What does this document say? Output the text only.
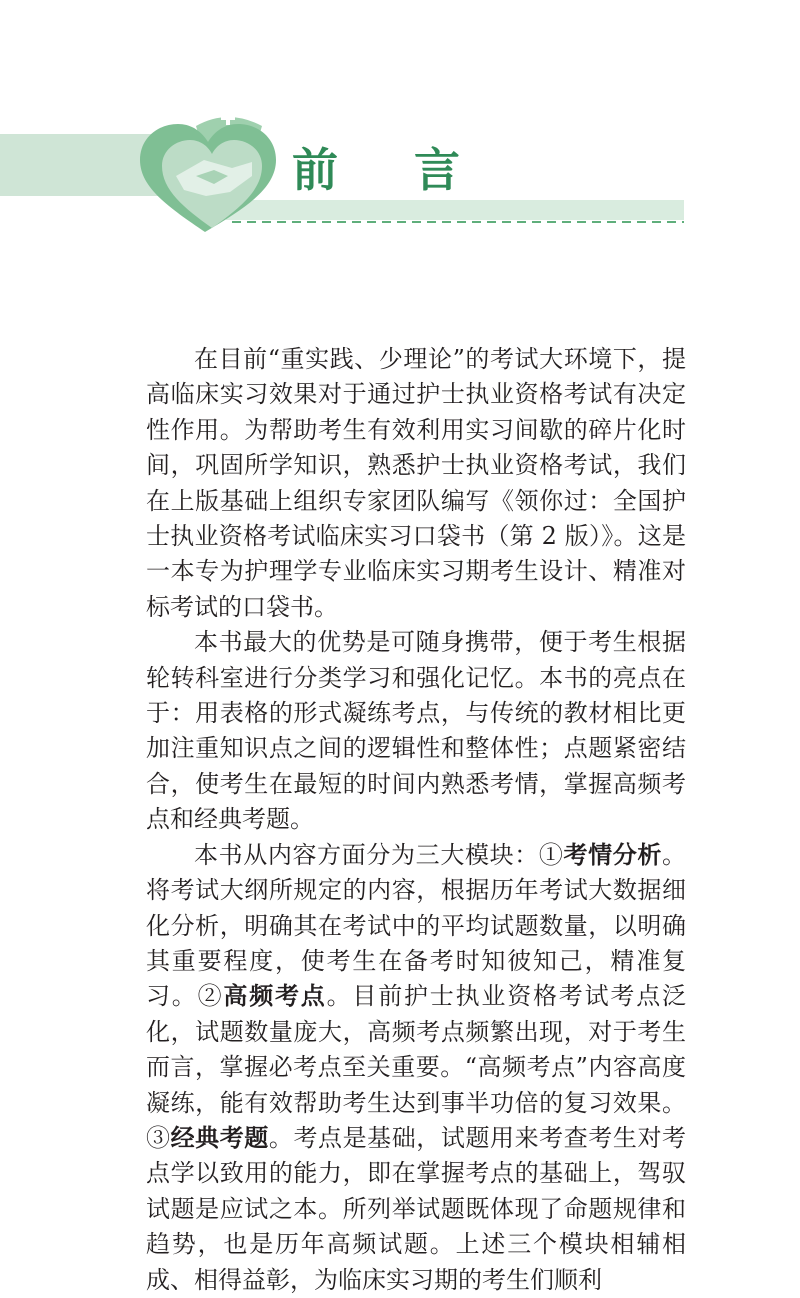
前 言

在目前“重实践、少理论”的考试大环境下，提高临床实习效果对于通过护士执业资格考试有决定性作用。为帮助考生有效利用实习间歇的碎片化时间，巩固所学知识，熟悉护士执业资格考试，我们在上版基础上组织专家团队编写《领你过：全国护士执业资格考试临床实习口袋书（第 2 版）》。这是一本专为护理学专业临床实习期考生设计、精准对标考试的口袋书。

本书最大的优势是可随身携带，便于考生根据轮转科室进行分类学习和强化记忆。本书的亮点在于：用表格的形式凝练考点，与传统的教材相比更加注重知识点之间的逻辑性和整体性；点题紧密结合，使考生在最短的时间内熟悉考情，掌握高频考点和经典考题。

本书从内容方面分为三大模块：①考情分析。将考试大纲所规定的内容，根据历年考试大数据细化分析，明确其在考试中的平均试题数量，以明确其重要程度，使考生在备考时知彼知己，精准复习。②高频考点。目前护士执业资格考试考点泛化，试题数量庞大，高频考点频繁出现，对于考生而言，掌握必考点至关重要。“高频考点”内容高度凝练，能有效帮助考生达到事半功倍的复习效果。③经典考题。考点是基础，试题用来考查考生对考点学以致用的能力，即在掌握考点的基础上，驾驭试题是应试之本。所列举试题既体现了命题规律和趋势，也是历年高频试题。上述三个模块相辅相成、相得益彰，为临床实习期的考生们顺利
